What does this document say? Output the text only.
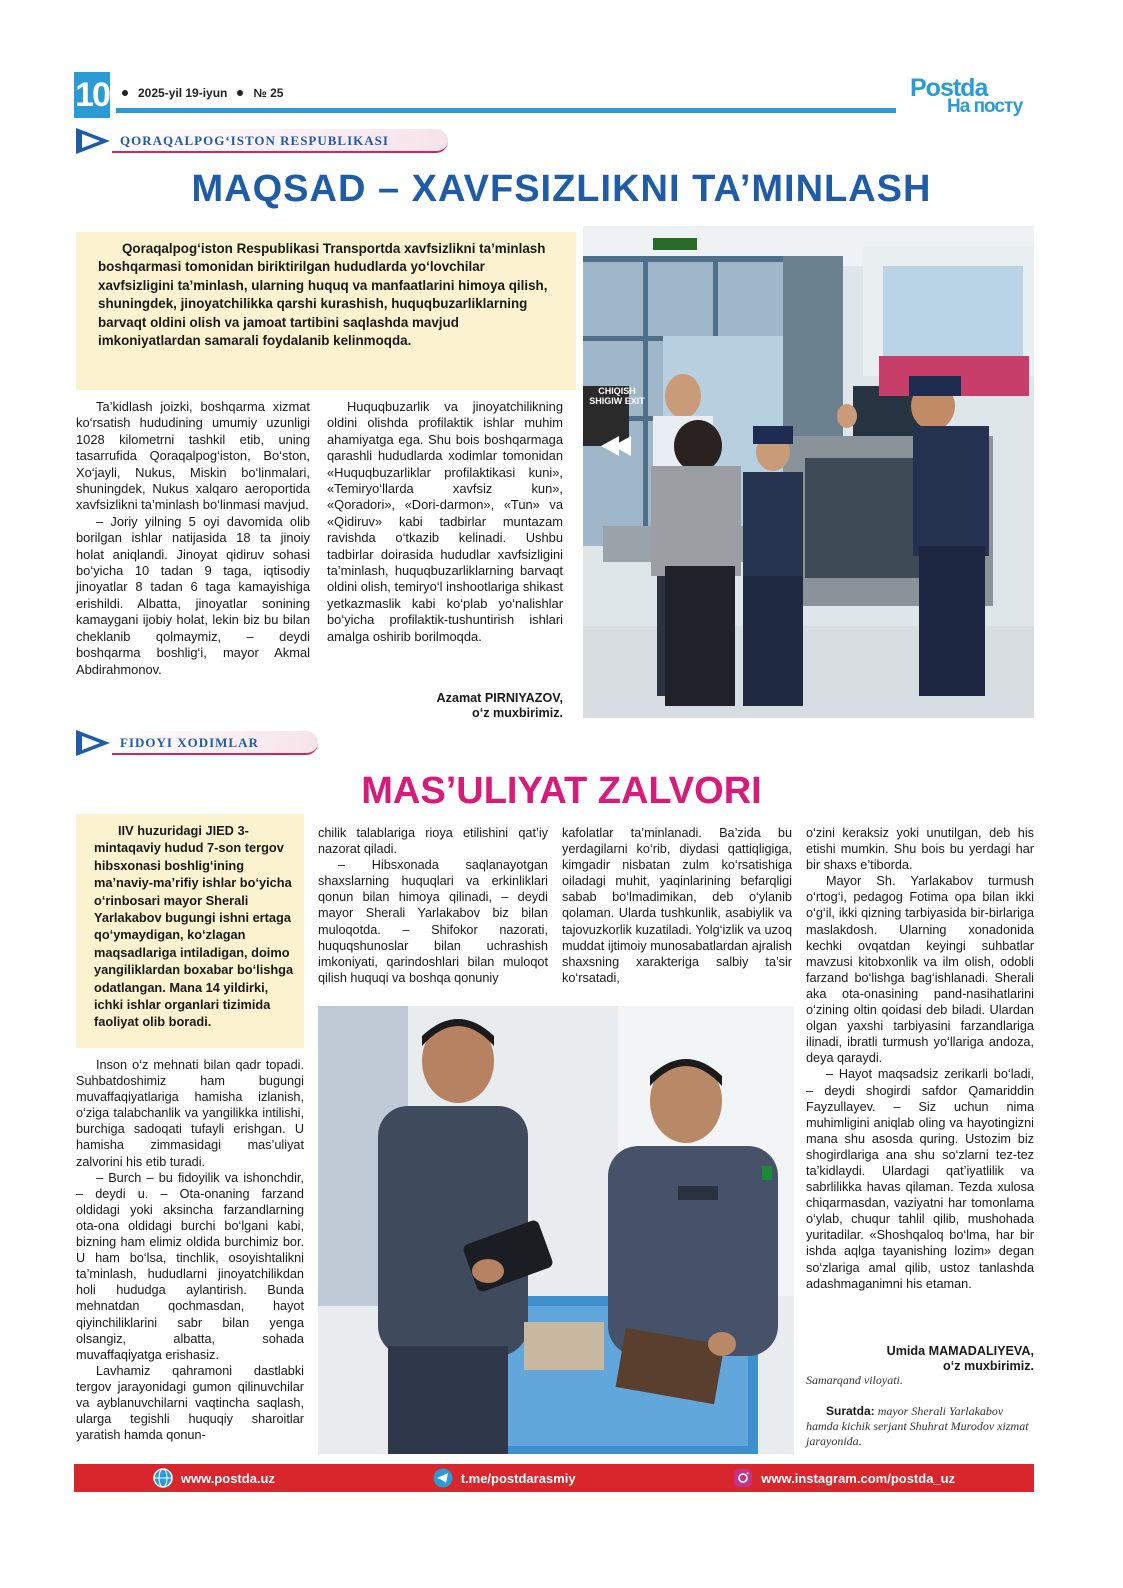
10 2025-yil 19-iyun № 25	Postda
На посту
QORAQALPOG‘ISTON RESPUBLIKASI
MAQSAD – XAVFSIZLIKNI TA’MINLASH

Qoraqalpog‘iston Respublikasi Transportda xavfsizlikni ta’minlash boshqarmasi tomonidan biriktirilgan hududlarda yo‘lovchilar xavfsizligini ta’minlash, ularning huquq va manfaatlarini himoya qilish, shuningdek, jinoyatchilikka qarshi kurashish, huquqbuzarliklarning barvaqt oldini olish va jamoat tartibini saqlashda mavjud imkoniyatlardan samarali foydalanib kelinmoqda.

Ta’kidlash joizki, boshqarma xizmat ko‘rsatish hududining umumiy uzunligi 1028 kilometrni tashkil etib, uning tasarrufida Qoraqalpog‘iston, Bo‘ston, Xo‘jayli, Nukus, Miskin bo‘linmalari, shuningdek, Nukus xalqaro aeroportida xavfsizlikni ta’minlash bo‘linmasi mavjud.

– Joriy yilning 5 oyi davomida olib borilgan ishlar natijasida 18 ta jinoiy holat aniqlandi. Jinoyat qidiruv sohasi bo‘yicha 10 tadan 9 taga, iqtisodiy jinoyatlar 8 tadan 6 taga kamayishiga erishildi. Albatta, jinoyatlar sonining kamaygani ijobiy holat, lekin biz bu bilan cheklanib qolmaymiz, – deydi boshqarma boshlig‘i, mayor Akmal Abdirahmonov.

Huquqbuzarlik va jinoyatchilikning oldini olishda profilaktik ishlar muhim ahamiyatga ega. Shu bois boshqarmaga qarashli hududlarda xodimlar tomonidan «Huquqbuzarliklar profilaktikasi kuni», «Temiryo‘llarda xavfsiz kun», «Qoradori», «Dori-darmon», «Tun» va «Qidiruv» kabi tadbirlar muntazam ravishda o‘tkazib kelinadi. Ushbu tadbirlar doirasida hududlar xavfsizligini ta’minlash, huquqbuzarliklarning barvaqt oldini olish, temiryo‘l inshootlariga shikast yetkazmaslik kabi ko‘plab yo‘nalishlar bo‘yicha profilaktik-tushuntirish ishlari amalga oshirib borilmoqda.

Azamat PIRNIYAZOV,
o‘z muxbirimiz.
CHIQISH SHIGIW EXIT
FIDOYI XODIMLAR
MAS’ULIYAT ZALVORI

IIV huzuridagi JIED 3-mintaqaviy hudud 7-son tergov hibsxonasi boshlig‘ining ma’naviy-ma’rifiy ishlar bo‘yicha o‘rinbosari mayor Sherali Yarlakabov bugungi ishni ertaga qo‘ymaydigan, ko‘zlagan maqsadlariga intiladigan, doimo yangiliklardan boxabar bo‘lishga odatlangan. Mana 14 yildirki, ichki ishlar organlari tizimida faoliyat olib boradi.

Inson o‘z mehnati bilan qadr topadi. Suhbatdoshimiz ham bugungi muvaffaqiyatlariga hamisha izlanish, o‘ziga talabchanlik va yangilikka intilishi, burchiga sadoqati tufayli erishgan. U hamisha zimmasidagi mas’uliyat zalvorini his etib turadi.

– Burch – bu fidoyilik va ishonchdir, – deydi u. – Ota-onaning farzand oldidagi yoki aksincha farzandlarning ota-ona oldidagi burchi bo‘lgani kabi, bizning ham elimiz oldida burchimiz bor. U ham bo‘lsa, tinchlik, osoyishtalikni ta’minlash, hududlarni jinoyatchilikdan holi hududga aylantirish. Bunda mehnatdan qochmasdan, hayot qiyinchiliklarini sabr bilan yenga olsangiz, albatta, sohada muvaffaqiyatga erishasiz.

Lavhamiz qahramoni dastlabki tergov jarayonidagi gumon qilinuvchilar va ayblanuvchilarni vaqtincha saqlash, ularga tegishli huquqiy sharoitlar yaratish hamda qonun-

chilik talablariga rioya etilishini qat’iy nazorat qiladi.

– Hibsxonada saqlanayotgan shaxslarning huquqlari va erkinliklari qonun bilan himoya qilinadi, – deydi mayor Sherali Yarlakabov biz bilan muloqotda. – Shifokor nazorati, huquqshunoslar bilan uchrashish imkoniyati, qarindoshlari bilan muloqot qilish huquqi va boshqa qonuniy

kafolatlar ta’minlanadi. Ba’zida bu yerdagilarni ko‘rib, diydasi qattiqligiga, kimgadir nisbatan zulm ko‘rsatishiga oiladagi muhit, yaqinlarining befarqligi sabab bo‘lmadimikan, deb o‘ylanib qolaman. Ularda tushkunlik, asabiylik va tajovuzkorlik kuzatiladi. Yolg‘izlik va uzoq muddat ijtimoiy munosabatlardan ajralish shaxsning xarakteriga salbiy ta’sir ko‘rsatadi,

o‘zini keraksiz yoki unutilgan, deb his etishi mumkin. Shu bois bu yerdagi har bir shaxs e’tiborda.

Mayor Sh. Yarlakabov turmush o‘rtog‘i, pedagog Fotima opa bilan ikki o‘g‘il, ikki qizning tarbiyasida bir-birlariga maslakdosh. Ularning xonadonida kechki ovqatdan keyingi suhbatlar mavzusi kitobxonlik va ilm olish, odobli farzand bo‘lishga bag‘ishlanadi. Sherali aka ota-onasining pand-nasihatlarini o‘zining oltin qoidasi deb biladi. Ulardan olgan yaxshi tarbiyasini farzandlariga ilinadi, ibratli turmush yo‘llariga andoza, deya qaraydi.

– Hayot maqsadsiz zerikarli bo‘ladi, – deydi shogirdi safdor Qamariddin Fayzullayev. – Siz uchun nima muhimligini aniqlab oling va hayotingizni mana shu asosda quring. Ustozim biz shogirdlariga ana shu so‘zlarni tez-tez ta’kidlaydi. Ulardagi qat’iyatlilik va sabrlilikka havas qilaman. Tezda xulosa chiqarmasdan, vaziyatni har tomonlama o‘ylab, chuqur tahlil qilib, mushohada yuritadilar. «Shoshqaloq bo‘lma, har bir ishda aqlga tayanishing lozim» degan so‘zlariga amal qilib, ustoz tanlashda adashmaganimni his etaman.

Umida MAMADALIYEVA,
o‘z muxbirimiz.
Samarqand viloyati.
Suratda: mayor Sherali Yarlakabov hamda kichik serjant Shuhrat Murodov xizmat jarayonida.
www.postda.uz	t.me/postdarasmiy	www.instagram.com/postda_uz
